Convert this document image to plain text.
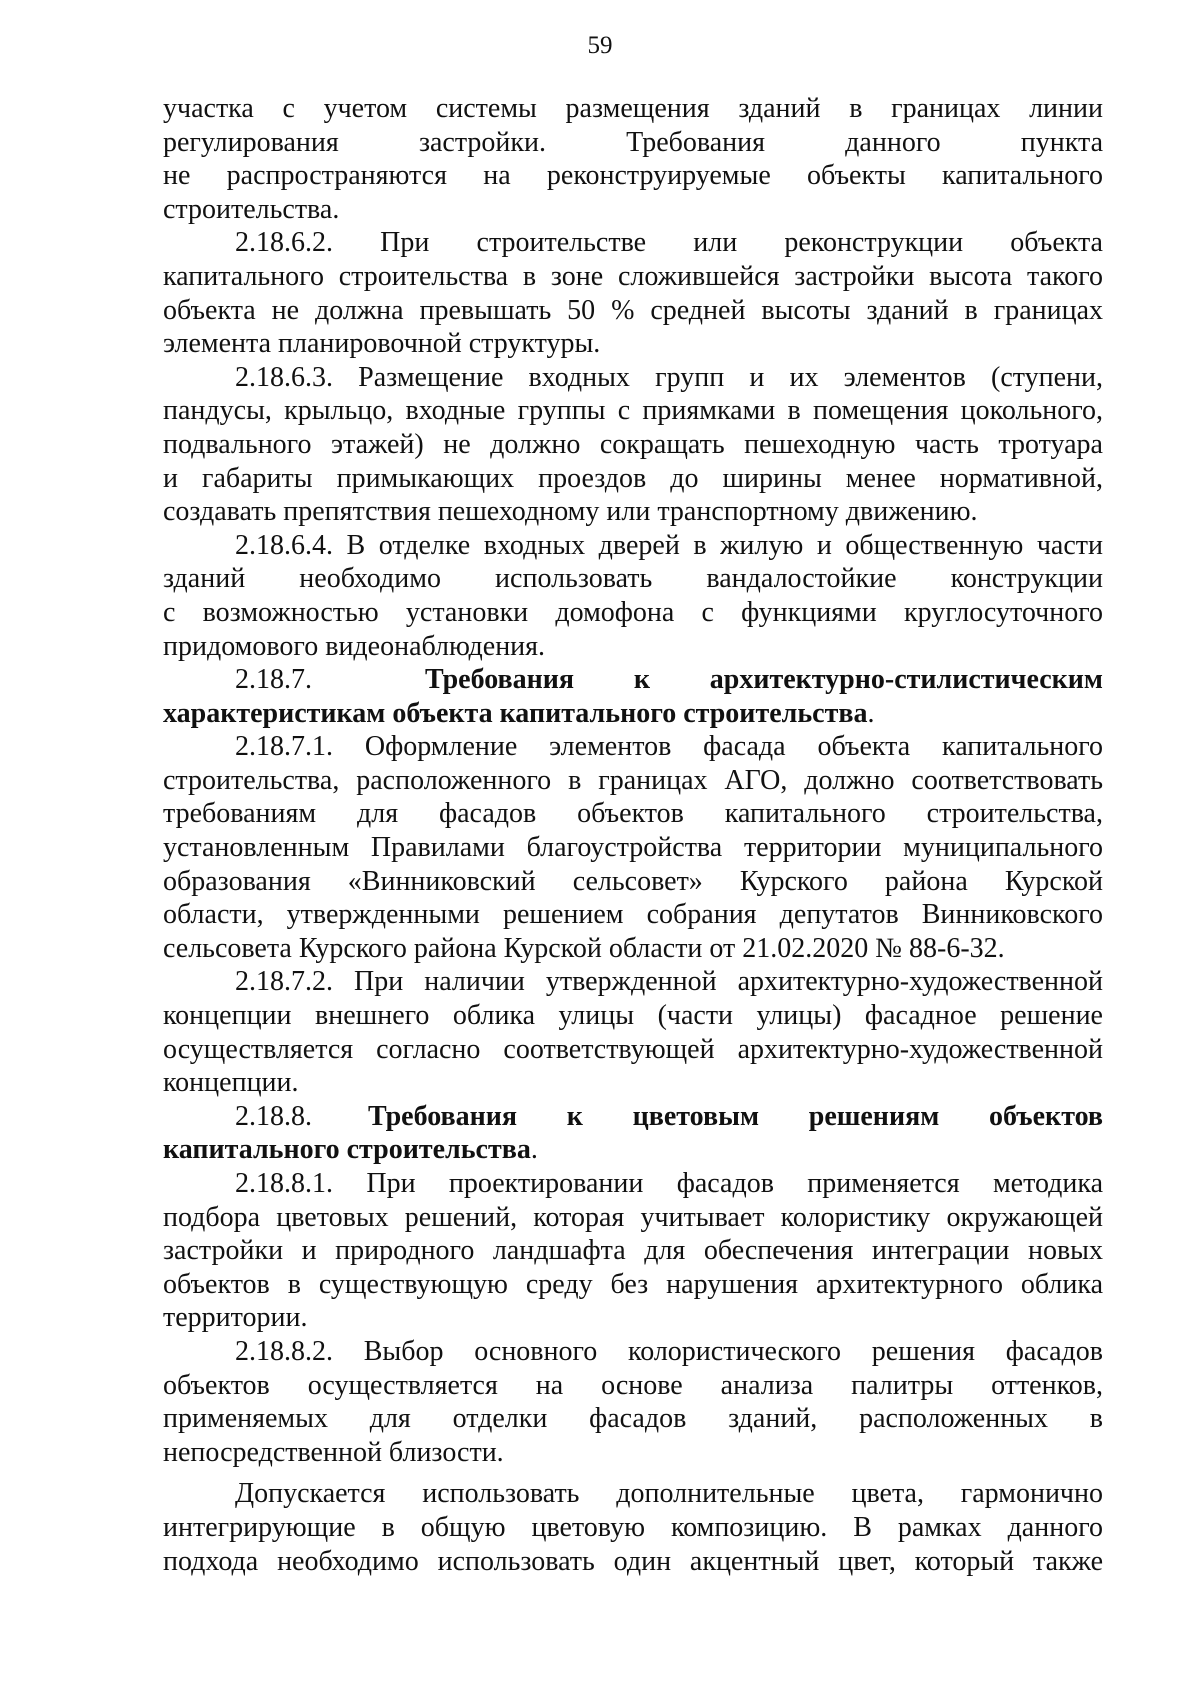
59
участка с учетом системы размещения зданий в границах линии
регулирования застройки. Требования данного пункта
не распространяются на реконструируемые объекты капитального
строительства.
2.18.6.2. При строительстве или реконструкции объекта
капитального строительства в зоне сложившейся застройки высота такого
объекта не должна превышать 50 % средней высоты зданий в границах
элемента планировочной структуры.
2.18.6.3. Размещение входных групп и их элементов (ступени,
пандусы, крыльцо, входные группы с приямками в помещения цокольного,
подвального этажей) не должно сокращать пешеходную часть тротуара
и габариты примыкающих проездов до ширины менее нормативной,
создавать препятствия пешеходному или транспортному движению.
2.18.6.4. В отделке входных дверей в жилую и общественную части
зданий необходимо использовать вандалостойкие конструкции
с возможностью установки домофона с функциями круглосуточного
придомового видеонаблюдения.
2.18.7.	Требования к архитектурно-стилистическим
характеристикам объекта капитального строительства.
2.18.7.1. Оформление элементов фасада объекта капитального
строительства, расположенного в границах АГО, должно соответствовать
требованиям для фасадов объектов капитального строительства,
установленным Правилами благоустройства территории муниципального
образования «Винниковский сельсовет» Курского района Курской
области, утвержденными решением собрания депутатов Винниковского
сельсовета Курского района Курской области от 21.02.2020 № 88-6-32.
2.18.7.2. При наличии утвержденной архитектурно-художественной
концепции внешнего облика улицы (части улицы) фасадное решение
осуществляется согласно соответствующей архитектурно-художественной
концепции.
2.18.8.	Требования к цветовым решениям объектов
капитального строительства.
2.18.8.1. При проектировании фасадов применяется методика
подбора цветовых решений, которая учитывает колористику окружающей
застройки и природного ландшафта для обеспечения интеграции новых
объектов в существующую среду без нарушения архитектурного облика
территории.
2.18.8.2. Выбор основного колористического решения фасадов
объектов осуществляется на основе анализа палитры оттенков,
применяемых для отделки фасадов зданий, расположенных в
непосредственной близости.
Допускается использовать дополнительные цвета, гармонично
интегрирующие в общую цветовую композицию. В рамках данного
подхода необходимо использовать один акцентный цвет, который также
